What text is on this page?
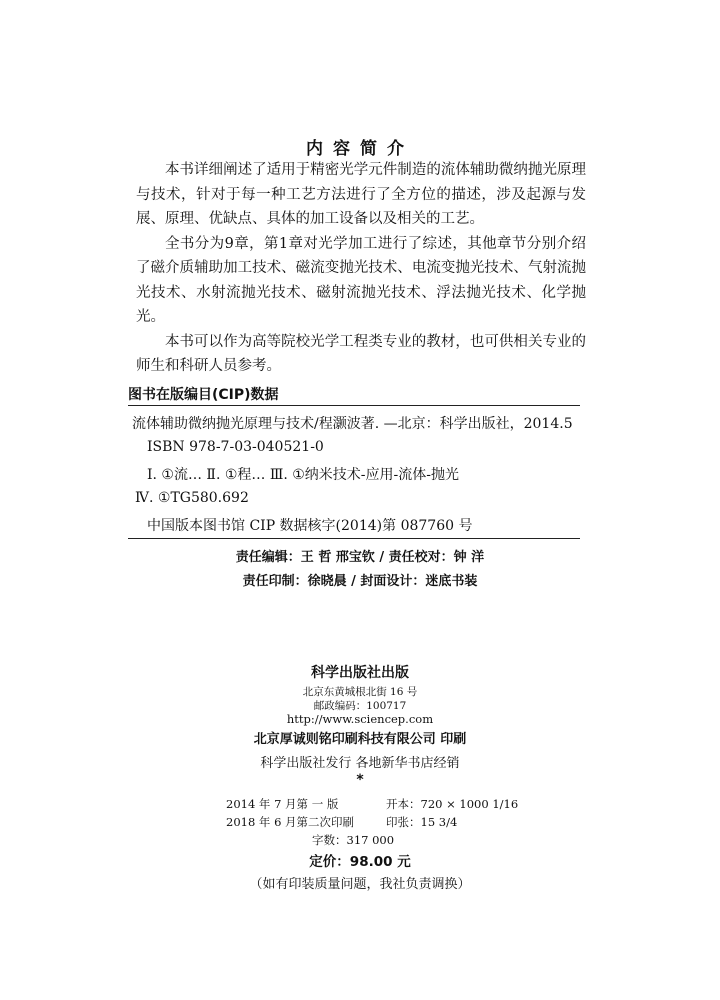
内容简介

本书详细阐述了适用于精密光学元件制造的流体辅助微纳抛光原理与技术，针对于每一种工艺方法进行了全方位的描述，涉及起源与发展、原理、优缺点、具体的加工设备以及相关的工艺。

全书分为9章，第1章对光学加工进行了综述，其他章节分别介绍了磁介质辅助加工技术、磁流变抛光技术、电流变抛光技术、气射流抛光技术、水射流抛光技术、磁射流抛光技术、浮法抛光技术、化学抛光。

本书可以作为高等院校光学工程类专业的教材，也可供相关专业的师生和科研人员参考。

图书在版编目(CIP)数据
流体辅助微纳抛光原理与技术/程灏波著. —北京：科学出版社，2014.5
ISBN 978-7-03-040521-0
Ⅰ. ①流… Ⅱ. ①程… Ⅲ. ①纳米技术-应用-流体-抛光
Ⅳ. ①TG580.692
中国版本图书馆 CIP 数据核字(2014)第 087760 号
责任编辑：王 哲 邢宝钦 / 责任校对：钟 洋
责任印制：徐晓晨 / 封面设计：迷底书装
科学出版社出版
北京东黄城根北街 16 号
邮政编码：100717
http://www.sciencep.com
北京厚诚则铭印刷科技有限公司 印刷
科学出版社发行 各地新华书店经销
*
2014 年 7 月第 一 版	开本：720 × 1000 1/16
2018 年 6 月第二次印刷	印张：15 3/4
字数：317 000
定价：98.00 元
（如有印装质量问题，我社负责调换）
